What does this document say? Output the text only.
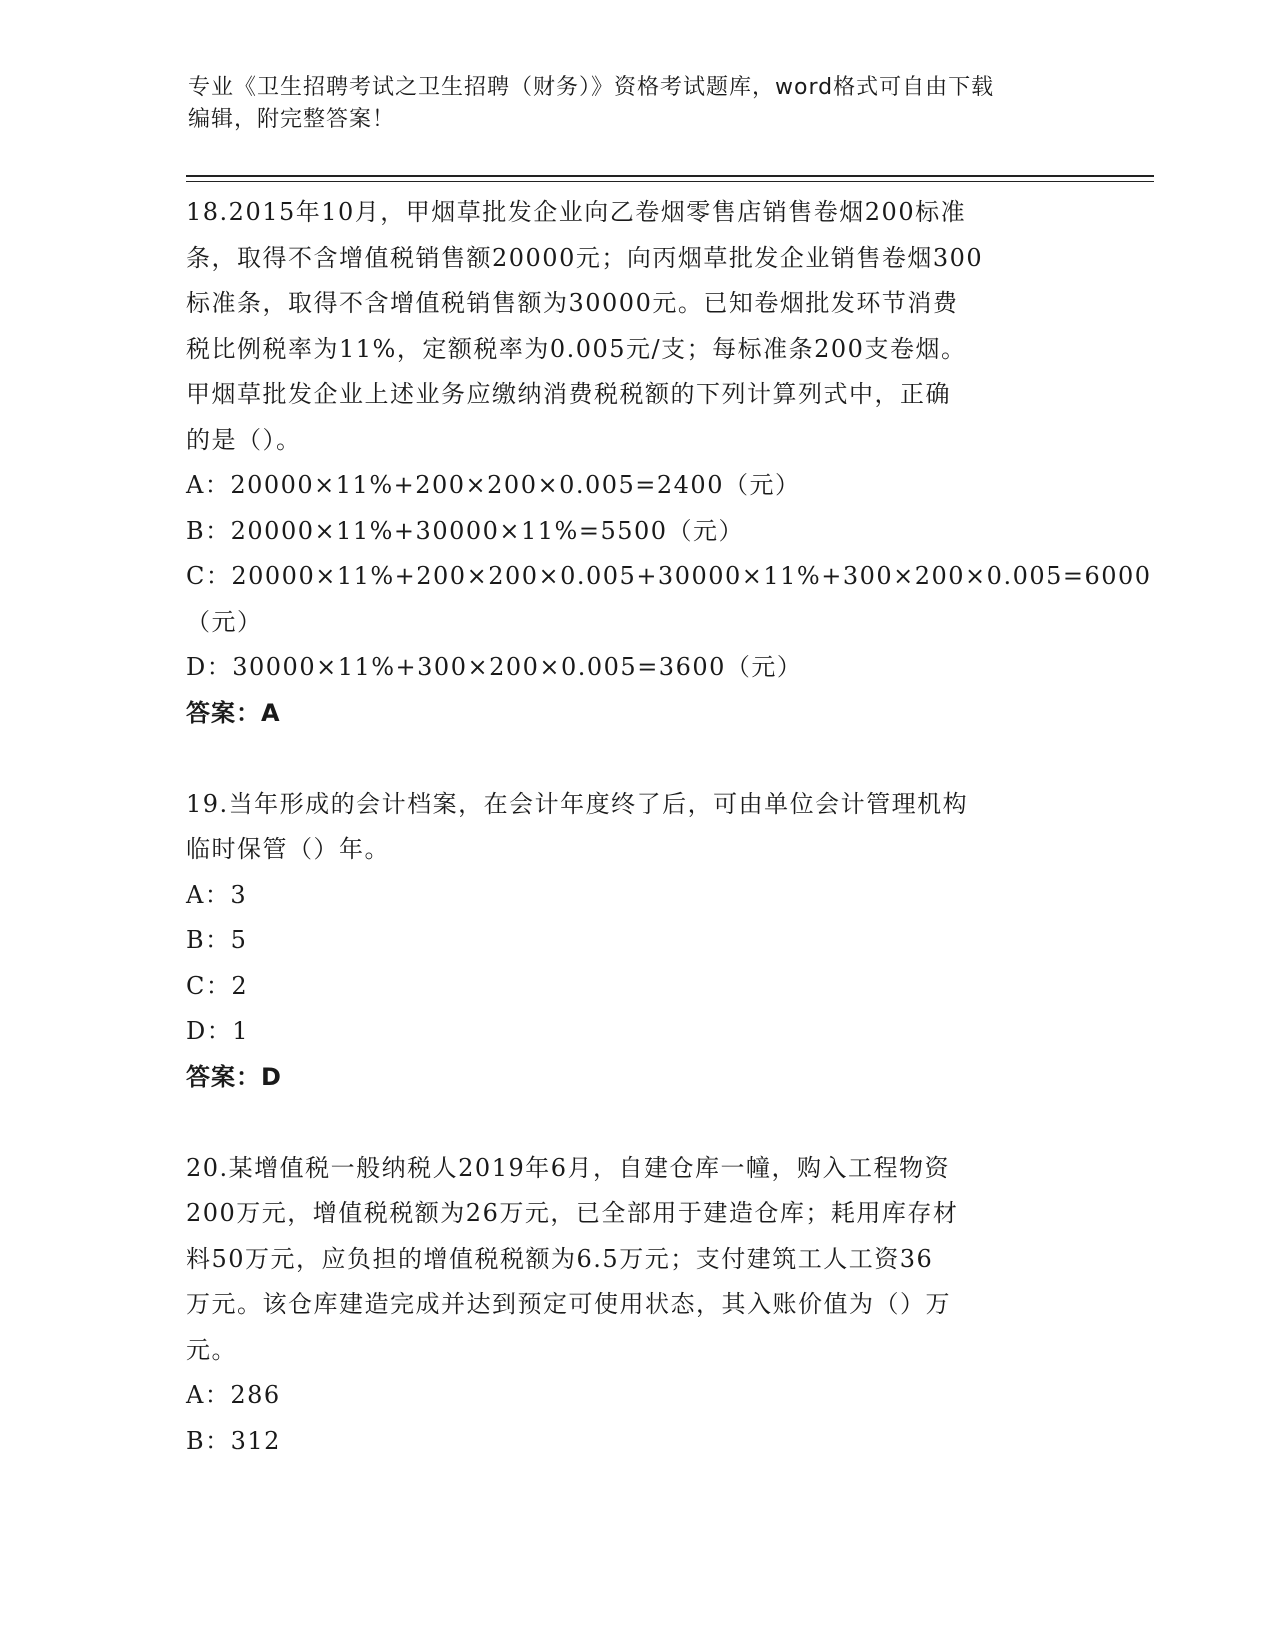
专业《卫生招聘考试之卫生招聘（财务）》资格考试题库，word格式可自由下载
编辑，附完整答案！
18.2015年10月，甲烟草批发企业向乙卷烟零售店销售卷烟200标准
条，取得不含增值税销售额20000元；向丙烟草批发企业销售卷烟300
标准条，取得不含增值税销售额为30000元。已知卷烟批发环节消费
税比例税率为11%，定额税率为0.005元/支；每标准条200支卷烟。
甲烟草批发企业上述业务应缴纳消费税税额的下列计算列式中，正确
的是（）。
A：20000×11%+200×200×0.005=2400（元）
B：20000×11%+30000×11%=5500（元）
C：20000×11%+200×200×0.005+30000×11%+300×200×0.005=6000
（元）
D：30000×11%+300×200×0.005=3600（元）
答案：A
19.当年形成的会计档案，在会计年度终了后，可由单位会计管理机构
临时保管（）年。
A：3
B：5
C：2
D：1
答案：D
20.某增值税一般纳税人2019年6月，自建仓库一幢，购入工程物资
200万元，增值税税额为26万元，已全部用于建造仓库；耗用库存材
料50万元，应负担的增值税税额为6.5万元；支付建筑工人工资36
万元。该仓库建造完成并达到预定可使用状态，其入账价值为（）万
元。
A：286
B：312
